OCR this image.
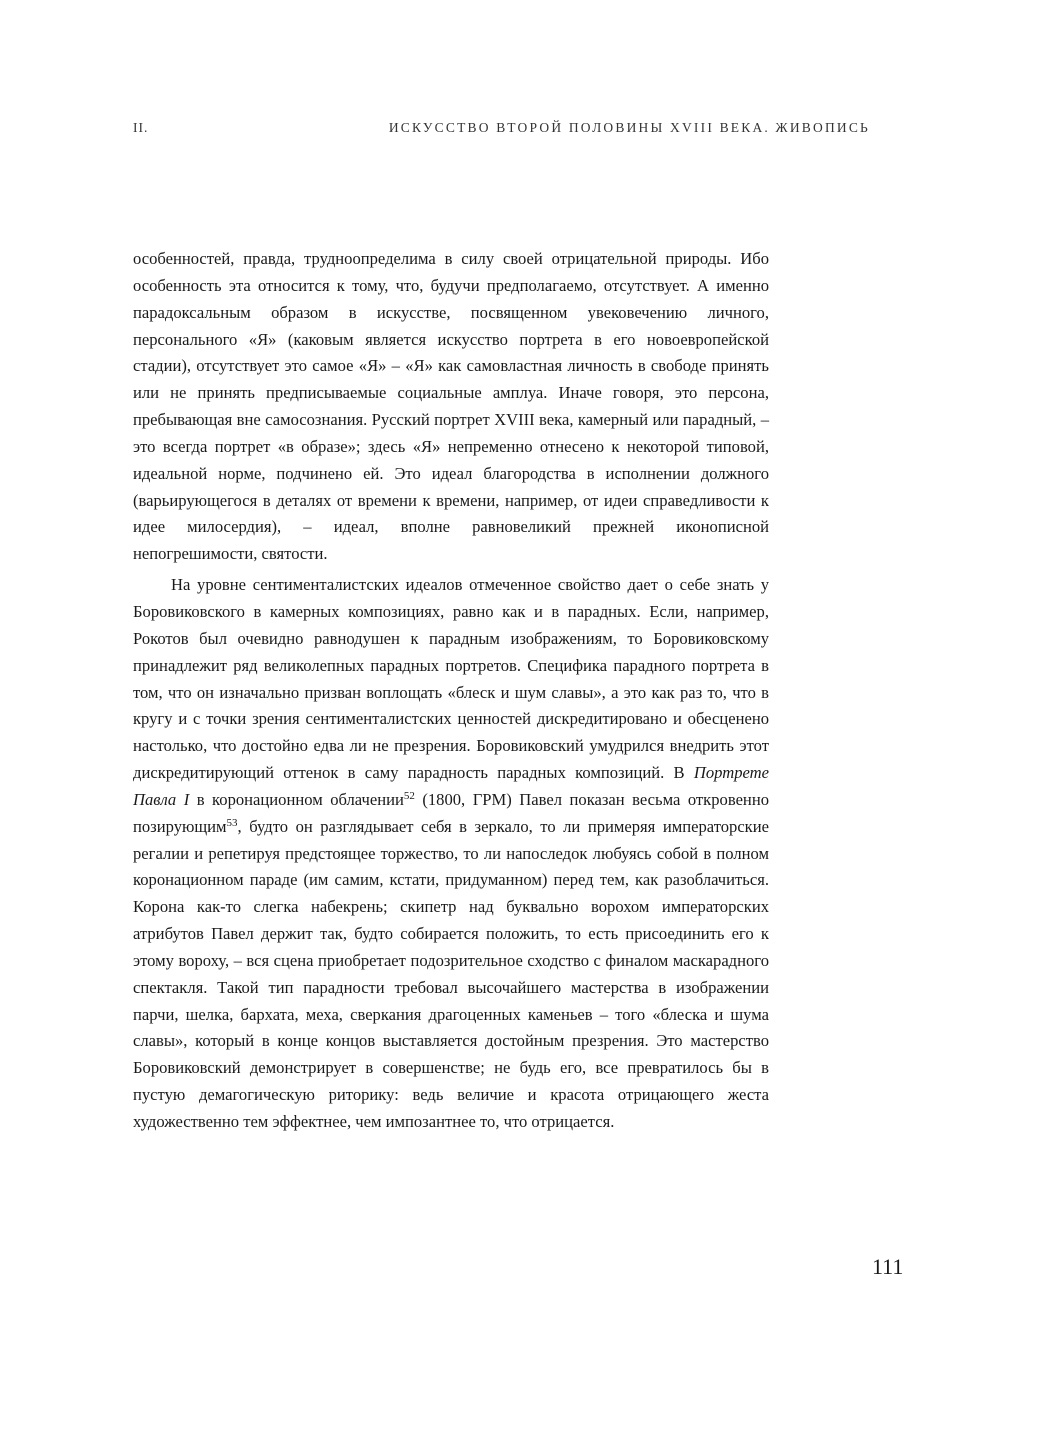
II.	ИСКУССТВО ВТОРОЙ ПОЛОВИНЫ XVIII ВЕКА. ЖИВОПИСЬ

особенностей, правда, трудноопределима в силу своей отрицательной природы. Ибо особенность эта относится к тому, что, будучи предполагаемо, отсутствует. А именно парадоксальным образом в искусстве, посвященном увековечению личного, персонального «Я» (каковым является искусство портрета в его новоевропейской стадии), отсутствует это самое «Я» – «Я» как самовластная личность в свободе принять или не принять предписываемые социальные амплуа. Иначе говоря, это персона, пребывающая вне самосознания. Русский портрет XVIII века, камерный или парадный, – это всегда портрет «в образе»; здесь «Я» непременно отнесено к некоторой типовой, идеальной норме, подчинено ей. Это идеал благородства в исполнении должного (варьирующегося в деталях от времени к времени, например, от идеи справедливости к идее милосердия), – идеал, вполне равновеликий прежней иконописной непогрешимости, святости.

На уровне сентименталистских идеалов отмеченное свойство дает о себе знать у Боровиковского в камерных композициях, равно как и в парадных. Если, например, Рокотов был очевидно равнодушен к парадным изображениям, то Боровиковскому принадлежит ряд великолепных парадных портретов. Специфика парадного портрета в том, что он изначально призван воплощать «блеск и шум славы», а это как раз то, что в кругу и с точки зрения сентименталистских ценностей дискредитировано и обесценено настолько, что достойно едва ли не презрения. Боровиковский умудрился внедрить этот дискредитирующий оттенок в саму парадность парадных композиций. В Портрете Павла I в коронационном облачении$^{52}$ (1800, ГРМ) Павел показан весьма откровенно позирующим$^{53}$, будто он разглядывает себя в зеркало, то ли примеряя императорские регалии и репетируя предстоящее торжество, то ли напоследок любуясь собой в полном коронационном параде (им самим, кстати, придуманном) перед тем, как разоблачиться. Корона как-то слегка набекрень; скипетр над буквально ворохом императорских атрибутов Павел держит так, будто собирается положить, то есть присоединить его к этому вороху, – вся сцена приобретает подозрительное сходство с финалом маскарадного спектакля. Такой тип парадности требовал высочайшего мастерства в изображении парчи, шелка, бархата, меха, сверкания драгоценных каменьев – того «блеска и шума славы», который в конце концов выставляется достойным презрения. Это мастерство Боровиковский демонстрирует в совершенстве; не будь его, все превратилось бы в пустую демагогическую риторику: ведь величие и красота отрицающего жеста художественно тем эффектнее, чем импозантнее то, что отрицается.

111
